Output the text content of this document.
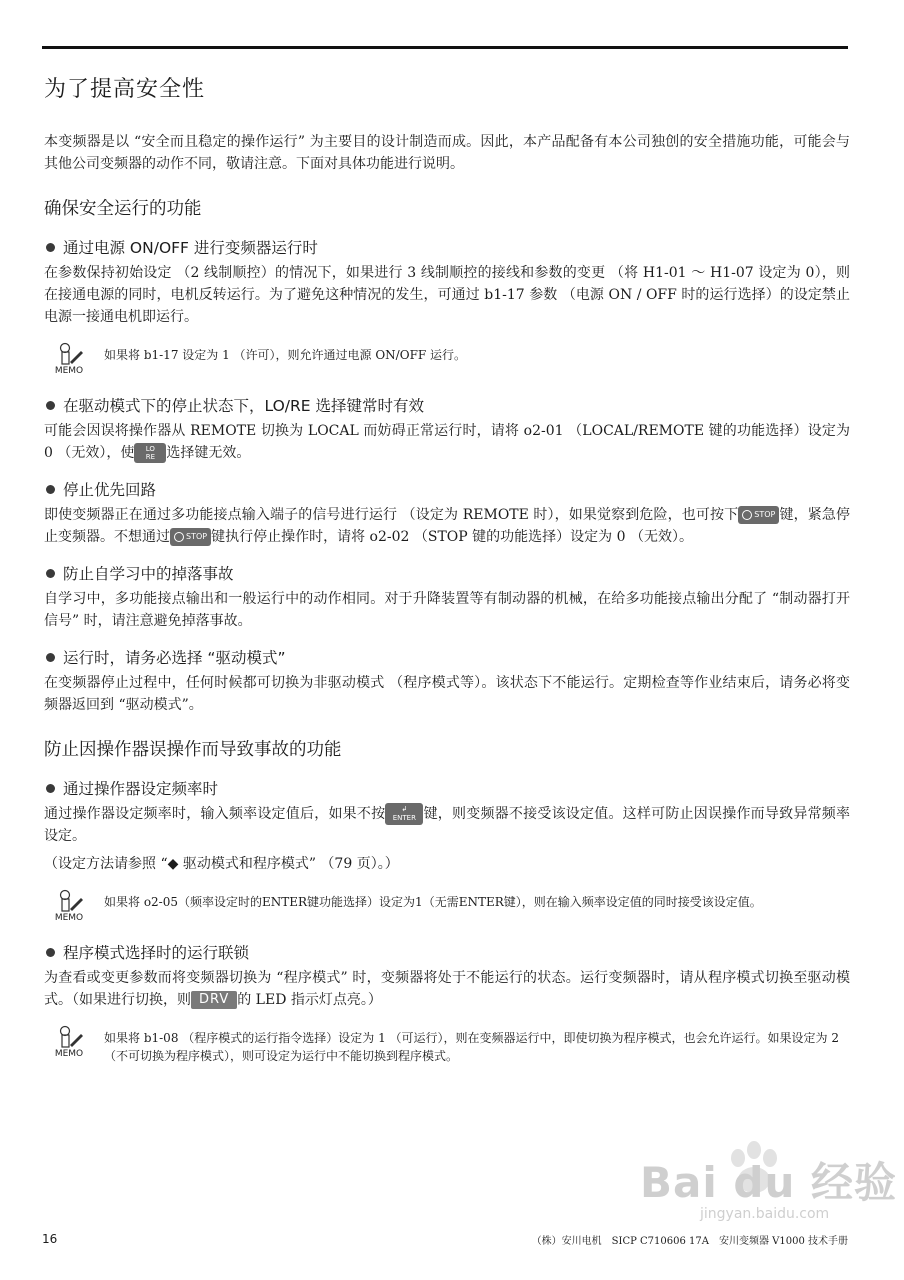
为了提高安全性

本变频器是以 “安全而且稳定的操作运行” 为主要目的设计制造而成。因此，本产品配备有本公司独创的安全措施功能，可能会与其他公司变频器的动作不同，敬请注意。下面对具体功能进行说明。

确保安全运行的功能
通过电源 ON/OFF 进行变频器运行时

在参数保持初始设定 （2 线制顺控）的情况下，如果进行 3 线制顺控的接线和参数的变更 （将 H1-01 ～ H1-07 设定为 0），则在接通电源的同时，电机反转运行。为了避免这种情况的发生，可通过 b1-17 参数 （电源 ON / OFF 时的运行选择）的设定禁止电源一接通电机即运行。

MEMO
如果将 b1-17 设定为 1 （许可），则允许通过电源 ON/OFF 运行。
在驱动模式下的停止状态下，LO/RE 选择键常时有效

可能会因误将操作器从 REMOTE 切换为 LOCAL 而妨碍正常运行时，请将 o2-01 （LOCAL/REMOTE 键的功能选择）设定为 0 （无效），使 LO
RE 选择键无效。

停止优先回路

即使变频器正在通过多功能接点输入端子的信号进行运行 （设定为 REMOTE 时），如果觉察到危险，也可按下 STOP 键，紧急停止变频器。不想通过 STOP 键执行停止操作时，请将 o2-02 （STOP 键的功能选择）设定为 0 （无效）。

防止自学习中的掉落事故

自学习中，多功能接点输出和一般运行中的动作相同。对于升降装置等有制动器的机械，在给多功能接点输出分配了 “制动器打开信号” 时，请注意避免掉落事故。

运行时，请务必选择 “驱动模式”

在变频器停止过程中，任何时候都可切换为非驱动模式 （程序模式等）。该状态下不能运行。定期检查等作业结束后，请务必将变频器返回到 “驱动模式”。

防止因操作器误操作而导致事故的功能
通过操作器设定频率时

通过操作器设定频率时，输入频率设定值后，如果不按 ↲
ENTER 键，则变频器不接受该设定值。这样可防止因误操作而导致异常频率设定。

（设定方法请参照 “◆ 驱动模式和程序模式” （79 页）。）

MEMO
如果将 o2-05（频率设定时的ENTER键功能选择）设定为1（无需ENTER键），则在输入频率设定值的同时接受该设定值。
程序模式选择时的运行联锁

为查看或变更参数而将变频器切换为 “程序模式” 时，变频器将处于不能运行的状态。运行变频器时，请从程序模式切换至驱动模式。（如果进行切换，则 DRV 的 LED 指示灯点亮。）

MEMO
如果将 b1-08 （程序模式的运行指令选择）设定为 1 （可运行），则在变频器运行中，即使切换为程序模式，也会允许运行。如果设定为 2 （不可切换为程序模式），则可设定为运行中不能切换到程序模式。
Bai du 经验
jingyan.baidu.com
16	（株）安川电机　SICP C710606 17A　安川变频器 V1000 技术手册
